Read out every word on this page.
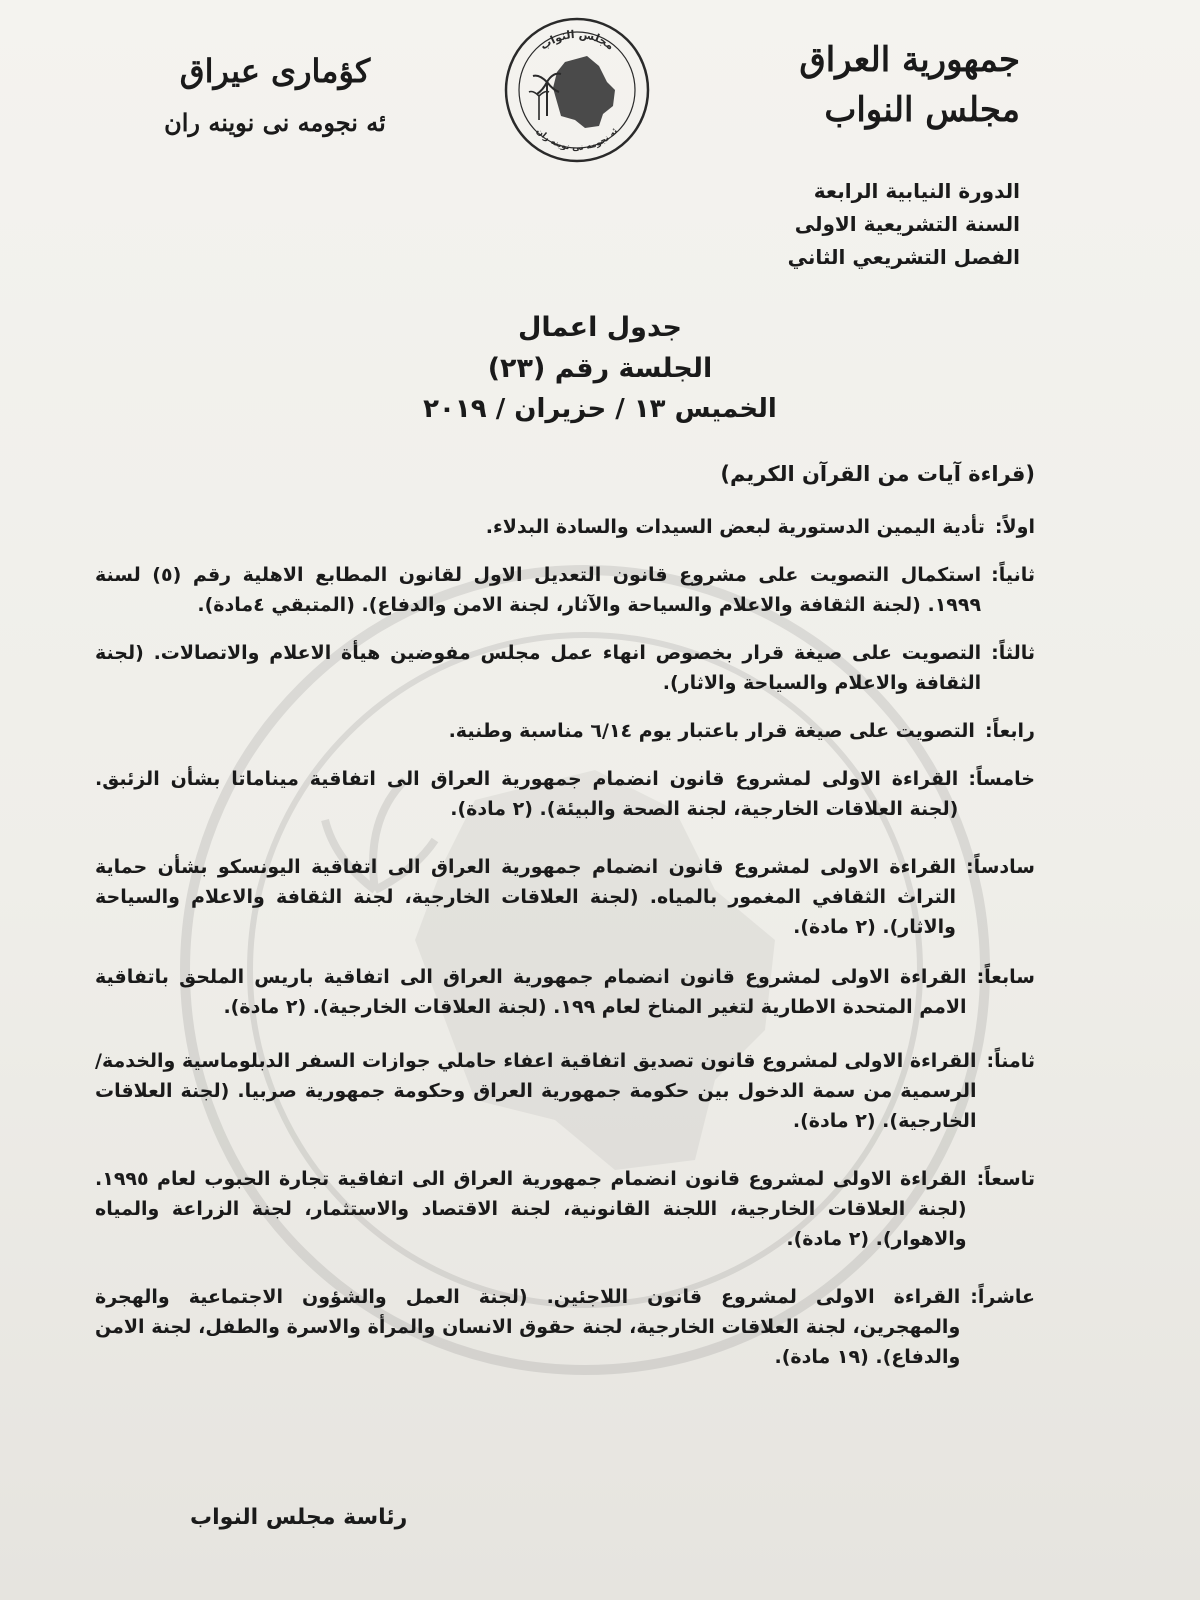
جمهورية العراق
مجلس النواب
الدورة النيابية الرابعة
السنة التشريعية الاولى
الفصل التشريعي الثاني
كؤمارى عيراق
ئه نجومه نى نوينه ران
مجلس النواب
ئه نجومه نى نوينه ران
جدول اعمال
الجلسة رقم (٢٣)
الخميس ١٣ / حزيران / ٢٠١٩
(قراءة آيات من القرآن الكريم)
اولاً:
تأدية اليمين الدستورية لبعض السيدات والسادة البدلاء.
ثانياً:
استكمال التصويت على مشروع قانون التعديل الاول لقانون المطابع الاهلية رقم (٥) لسنة ١٩٩٩. (لجنة الثقافة والاعلام والسياحة والآثار، لجنة الامن والدفاع). (المتبقي ٤مادة).
ثالثاً:
التصويت على صيغة قرار بخصوص انهاء عمل مجلس مفوضين هيأة الاعلام والاتصالات. (لجنة الثقافة والاعلام والسياحة والاثار).
رابعاً:
التصويت على صيغة قرار باعتبار يوم ٦/١٤ مناسبة وطنية.
خامساً:
القراءة الاولى لمشروع قانون انضمام جمهورية العراق الى اتفاقية ميناماتا بشأن الزئبق. (لجنة العلاقات الخارجية، لجنة الصحة والبيئة). (٢ مادة).
سادساً:
القراءة الاولى لمشروع قانون انضمام جمهورية العراق الى اتفاقية اليونسكو بشأن حماية التراث الثقافي المغمور بالمياه. (لجنة العلاقات الخارجية، لجنة الثقافة والاعلام والسياحة والاثار). (٢ مادة).
سابعاً:
القراءة الاولى لمشروع قانون انضمام جمهورية العراق الى اتفاقية باريس الملحق باتفاقية الامم المتحدة الاطارية لتغير المناخ لعام ١٩٩. (لجنة العلاقات الخارجية). (٢ مادة).
ثامناً:
القراءة الاولى لمشروع قانون تصديق اتفاقية اعفاء حاملي جوازات السفر الدبلوماسية والخدمة/ الرسمية من سمة الدخول بين حكومة جمهورية العراق وحكومة جمهورية صربيا. (لجنة العلاقات الخارجية). (٢ مادة).
تاسعاً:
القراءة الاولى لمشروع قانون انضمام جمهورية العراق الى اتفاقية تجارة الحبوب لعام ١٩٩٥. (لجنة العلاقات الخارجية، اللجنة القانونية، لجنة الاقتصاد والاستثمار، لجنة الزراعة والمياه والاهوار). (٢ مادة).
عاشراً:
القراءة الاولى لمشروع قانون اللاجئين. (لجنة العمل والشؤون الاجتماعية والهجرة والمهجرين، لجنة العلاقات الخارجية، لجنة حقوق الانسان والمرأة والاسرة والطفل، لجنة الامن والدفاع). (١٩ مادة).
رئاسة مجلس النواب
